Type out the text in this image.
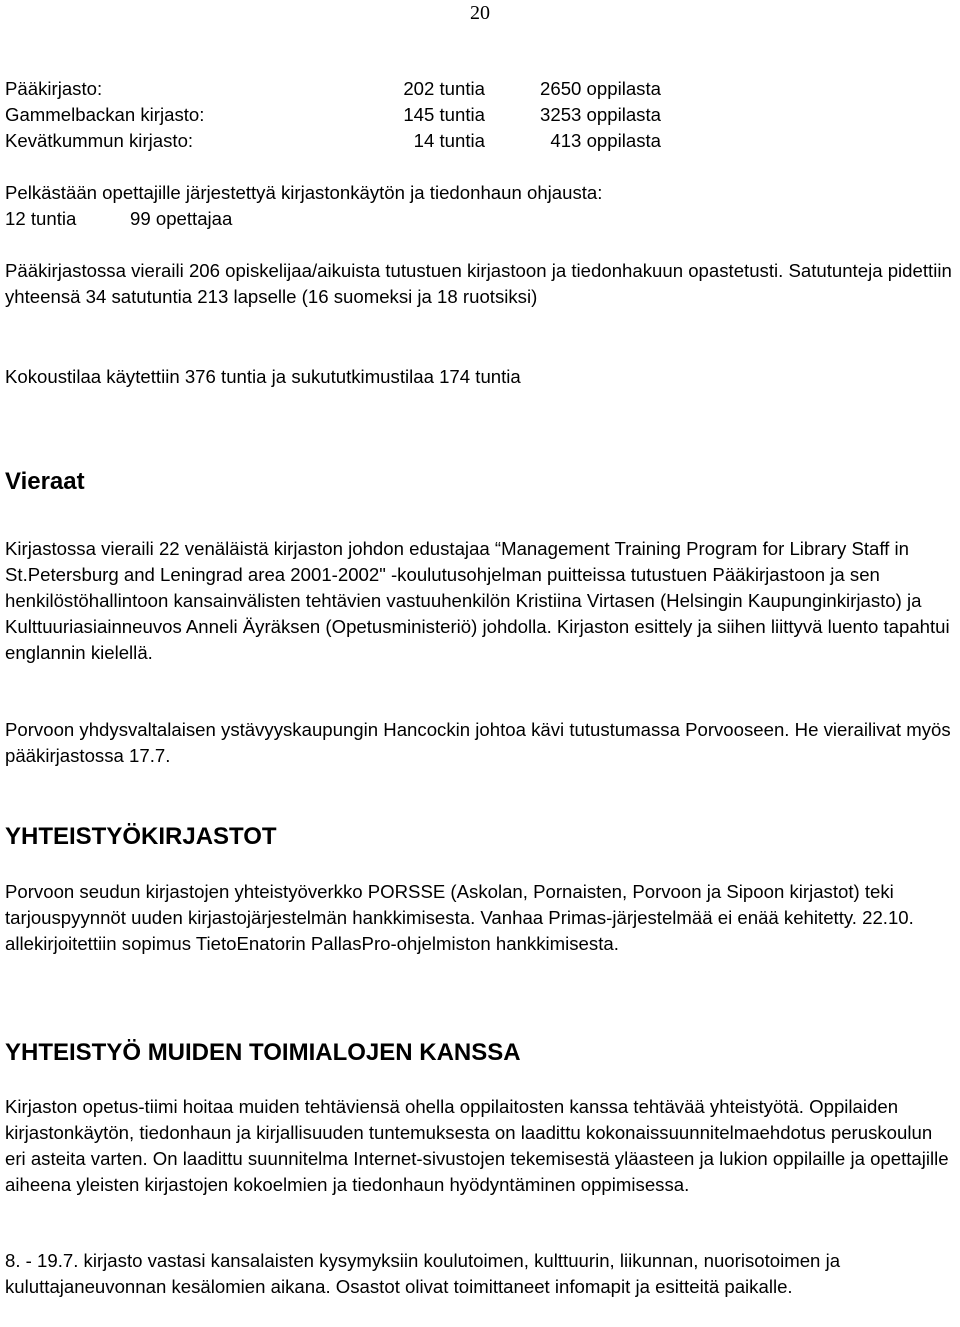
20
Pääkirjasto:	202 tuntia	2650 oppilasta
Gammelbackan kirjasto:	145 tuntia	3253 oppilasta
Kevätkummun kirjasto:	14 tuntia	413 oppilasta

Pelkästään opettajille järjestettyä kirjastonkäytön ja tiedonhaun ohjausta:

12 tuntia	99 opettajaa

Pääkirjastossa vieraili 206 opiskelijaa/aikuista tutustuen kirjastoon ja tiedonhakuun opastetusti. Satutunteja pidettiin yhteensä 34 satutuntia 213 lapselle (16 suomeksi ja 18 ruotsiksi)

Kokoustilaa käytettiin 376 tuntia ja sukututkimustilaa 174 tuntia

Vieraat

Kirjastossa vieraili 22 venäläistä kirjaston johdon edustajaa “Management Training Program for Library Staff in St.Petersburg and Leningrad area 2001-2002" -koulutusohjelman puitteissa tutustuen Pääkirjastoon ja sen henkilöstöhallintoon kansainvälisten tehtävien vastuuhenkilön Kristiina Virtasen (Helsingin Kaupunginkirjasto) ja Kulttuuriasiainneuvos Anneli Äyräksen (Opetusministeriö) johdolla. Kirjaston esittely ja siihen liittyvä luento tapahtui englannin kielellä.

Porvoon yhdysvaltalaisen ystävyyskaupungin Hancockin johtoa kävi tutustumassa Porvooseen. He vierailivat myös pääkirjastossa 17.7.

YHTEISTYÖKIRJASTOT

Porvoon seudun kirjastojen yhteistyöverkko PORSSE (Askolan, Pornaisten, Porvoon ja Sipoon kirjastot) teki tarjouspyynnöt uuden kirjastojärjestelmän hankkimisesta. Vanhaa Primas-järjestelmää ei enää kehitetty. 22.10. allekirjoitettiin sopimus TietoEnatorin PallasPro-ohjelmiston hankkimisesta.

YHTEISTYÖ MUIDEN TOIMIALOJEN KANSSA

Kirjaston opetus-tiimi hoitaa muiden tehtäviensä ohella oppilaitosten kanssa tehtävää yhteistyötä. Oppilaiden kirjastonkäytön, tiedonhaun ja kirjallisuuden tuntemuksesta on laadittu kokonaissuunnitelmaehdotus peruskoulun eri asteita varten. On laadittu suunnitelma Internet-sivustojen tekemisestä yläasteen ja lukion oppilaille ja opettajille aiheena yleisten kirjastojen kokoelmien ja tiedonhaun hyödyntäminen oppimisessa.

8. - 19.7. kirjasto vastasi kansalaisten kysymyksiin koulutoimen, kulttuurin, liikunnan, nuorisotoimen ja kuluttajaneuvonnan kesälomien aikana. Osastot olivat toimittaneet infomapit ja esitteitä paikalle.
